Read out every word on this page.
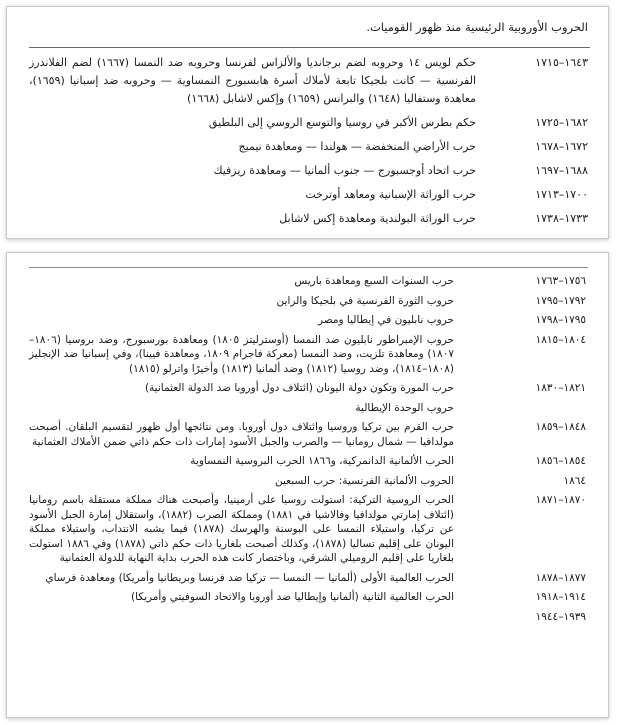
الحروب الأوروبية الرئيسية منذ ظهور القوميات.
١٦٤٣–١٧١٥
حكم لويس ١٤ وحروبه لضم برجانديا والألزاس لفرنسا وحروبه ضد النمسا (١٦٦٧) لضم الفلاندرز الفرنسية — كانت بلجيكا تابعة لأملاك أسرة هابسبورج النمساوية — وحروبه ضد إسبانيا (١٦٥٩)، معاهدة وستفاليا (١٦٤٨) والبرانس (١٦٥٩) وإكس لاشابل (١٦٦٨)
١٦٨٢–١٧٢٥
حكم بطرس الأكبر في روسيا والتوسع الروسي إلى البلطيق
١٦٧٢–١٦٧٨
حرب الأراضي المنخفضة — هولندا — ومعاهدة نيميج
١٦٨٨–١٦٩٧
حرب اتحاد أوجسبورج — جنوب ألمانيا — ومعاهدة ريزفيك
١٧٠٠–١٧١٣
حرب الوراثة الإسبانية ومعاهد أوترخت
١٧٣٣–١٧٣٨
حرب الوراثة البولندية ومعاهدة إكس لاشابل
١٧٥٦–١٧٦٣
حرب السنوات السبع ومعاهدة باريس
١٧٩٢–١٧٩٥
حروب الثورة الفرنسية في بلجيكا والراين
١٧٩٥–١٧٩٨
حروب نابليون في إيطاليا ومصر
١٨٠٤–١٨١٥
حروب الإمبراطور نابليون ضد النمسا (أوسترليتز ١٨٠٥) ومعاهدة بورسبورج، وضد بروسيا (١٨٠٦–١٨٠٧) ومعاهدة تلزيت، وضد النمسا (معركة فاجرام ١٨٠٩، ومعاهدة فيينا)، وفي إسبانيا ضد الإنجليز (١٨٠٨–١٨١٤)، وضد روسيا (١٨١٢) وضد ألمانيا (١٨١٣) وأخيرًا واترلو (١٨١٥)
١٨٢١–١٨٣٠
حرب المورة وتكون دولة اليونان (ائتلاف دول أوروبا ضد الدولة العثمانية)
حروب الوحدة الإيطالية
١٨٤٨–١٨٥٩
حرب القرم بين تركيا وروسيا وائتلاف دول أوروبا. ومن نتائجها أول ظهور لتقسيم البلقان. أصبحت مولدافيا — شمال رومانيا — والصرب والجبل الأسود إمارات ذات حكم ذاتي ضمن الأملاك العثمانية
١٨٥٤–١٨٥٦
الحرب الألمانية الدانمركية، و١٨٦٦ الحرب البروسية النمساوية
١٨٦٤
الحروب الألمانية الفرنسية: حرب السبعين
١٨٧٠–١٨٧١
الحرب الروسية التركية: استولت روسيا على أرمينيا، وأصبحت هناك مملكة مستقلة باسم رومانيا (ائتلاف إمارتي مولدافيا وفالاشيا في ١٨٨١) ومملكة الصرب (١٨٨٢)، واستقلال إمارة الجبل الأسود عن تركيا، واستيلاء النمسا على البوسنة والهرسك (١٨٧٨) فيما يشبه الانتداب، واستيلاء مملكة اليونان على إقليم تساليا (١٨٧٨)، وكذلك أصبحت بلغاريا ذات حكم ذاتي (١٨٧٨) وفي ١٨٨٦ استولت بلغاريا على إقليم الروميلي الشرقي، وباختصار كانت هذه الحرب بداية النهاية للدولة العثمانية
١٨٧٧–١٨٧٨
الحرب العالمية الأولى (ألمانيا — النمسا — تركيا ضد فرنسا وبريطانيا وأمريكا) ومعاهدة فرساي
١٩١٤–١٩١٨
الحرب العالمية الثانية (ألمانيا وإيطاليا ضد أوروبا والاتحاد السوفيتي وأمريكا)
١٩٣٩–١٩٤٤
